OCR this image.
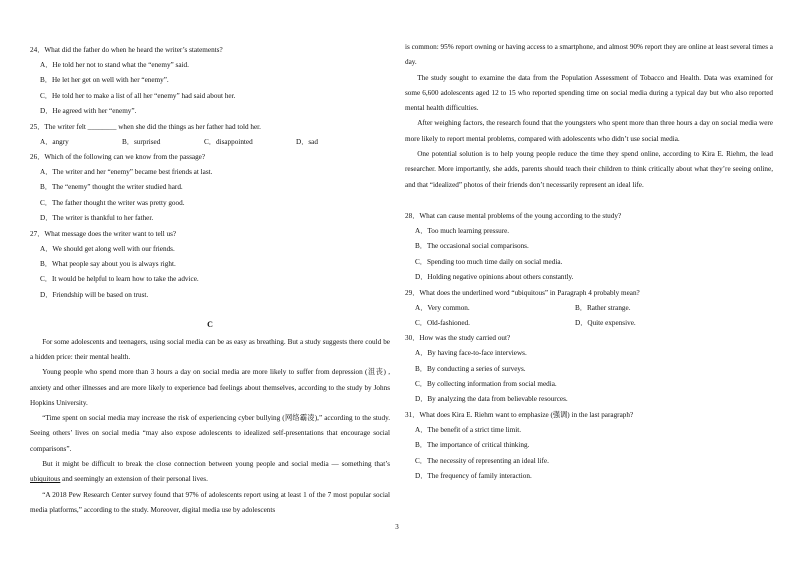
24．What did the father do when he heard the writer’s statements?

A．He told her not to stand what the “enemy” said.

B．He let her get on well with her “enemy”.

C．He told her to make a list of all her “enemy” had said about her.

D．He agreed with her “enemy”.

25．The writer felt ________ when she did the things as her father had told her.

A．angry	B．surprised	C．disappointed	D．sad

26．Which of the following can we know from the passage?

A．The writer and her “enemy” became best friends at last.

B．The “enemy” thought the writer studied hard.

C．The father thought the writer was pretty good.

D．The writer is thankful to her father.

27．What message does the writer want to tell us?

A．We should get along well with our friends.

B．What people say about you is always right.

C．It would be helpful to learn how to take the advice.

D．Friendship will be based on trust.

C

For some adolescents and teenagers, using social media can be as easy as breathing. But a study suggests there could be a hidden price: their mental health.

Young people who spend more than 3 hours a day on social media are more likely to suffer from depression (沮丧) , anxiety and other illnesses and are more likely to experience bad feelings about themselves, according to the study by Johns Hopkins University.

“Time spent on social media may increase the risk of experiencing cyber bullying (网络霸凌),” according to the study. Seeing others’ lives on social media “may also expose adolescents to idealized self-presentations that encourage social comparisons”.

But it might be difficult to break the close connection between young people and social media — something that’s ubiquitous and seemingly an extension of their personal lives.

“A 2018 Pew Research Center survey found that 97% of adolescents report using at least 1 of the 7 most popular social media platforms,” according to the study. Moreover, digital media use by adolescents

is common: 95% report owning or having access to a smartphone, and almost 90% report they are online at least several times a day.

The study sought to examine the data from the Population Assessment of Tobacco and Health. Data was examined for some 6,600 adolescents aged 12 to 15 who reported spending time on social media during a typical day but who also reported mental health difficulties.

After weighing factors, the research found that the youngsters who spent more than three hours a day on social media were more likely to report mental problems, compared with adolescents who didn’t use social media.

One potential solution is to help young people reduce the time they spend online, according to Kira E. Riehm, the lead researcher. More importantly, she adds, parents should teach their children to think critically about what they’re seeing online, and that “idealized” photos of their friends don’t necessarily represent an ideal life.

28．What can cause mental problems of the young according to the study?

A．Too much learning pressure.

B．The occasional social comparisons.

C．Spending too much time daily on social media.

D．Holding negative opinions about others constantly.

29．What does the underlined word “ubiquitous” in Paragraph 4 probably mean?

A．Very common.	B．Rather strange.
C．Old-fashioned.	D．Quite expensive.

30．How was the study carried out?

A．By having face-to-face interviews.

B．By conducting a series of surveys.

C．By collecting information from social media.

D．By analyzing the data from believable resources.

31．What does Kira E. Riehm want to emphasize (强调) in the last paragraph?

A．The benefit of a strict time limit.

B．The importance of critical thinking.

C．The necessity of representing an ideal life.

D．The frequency of family interaction.

3
